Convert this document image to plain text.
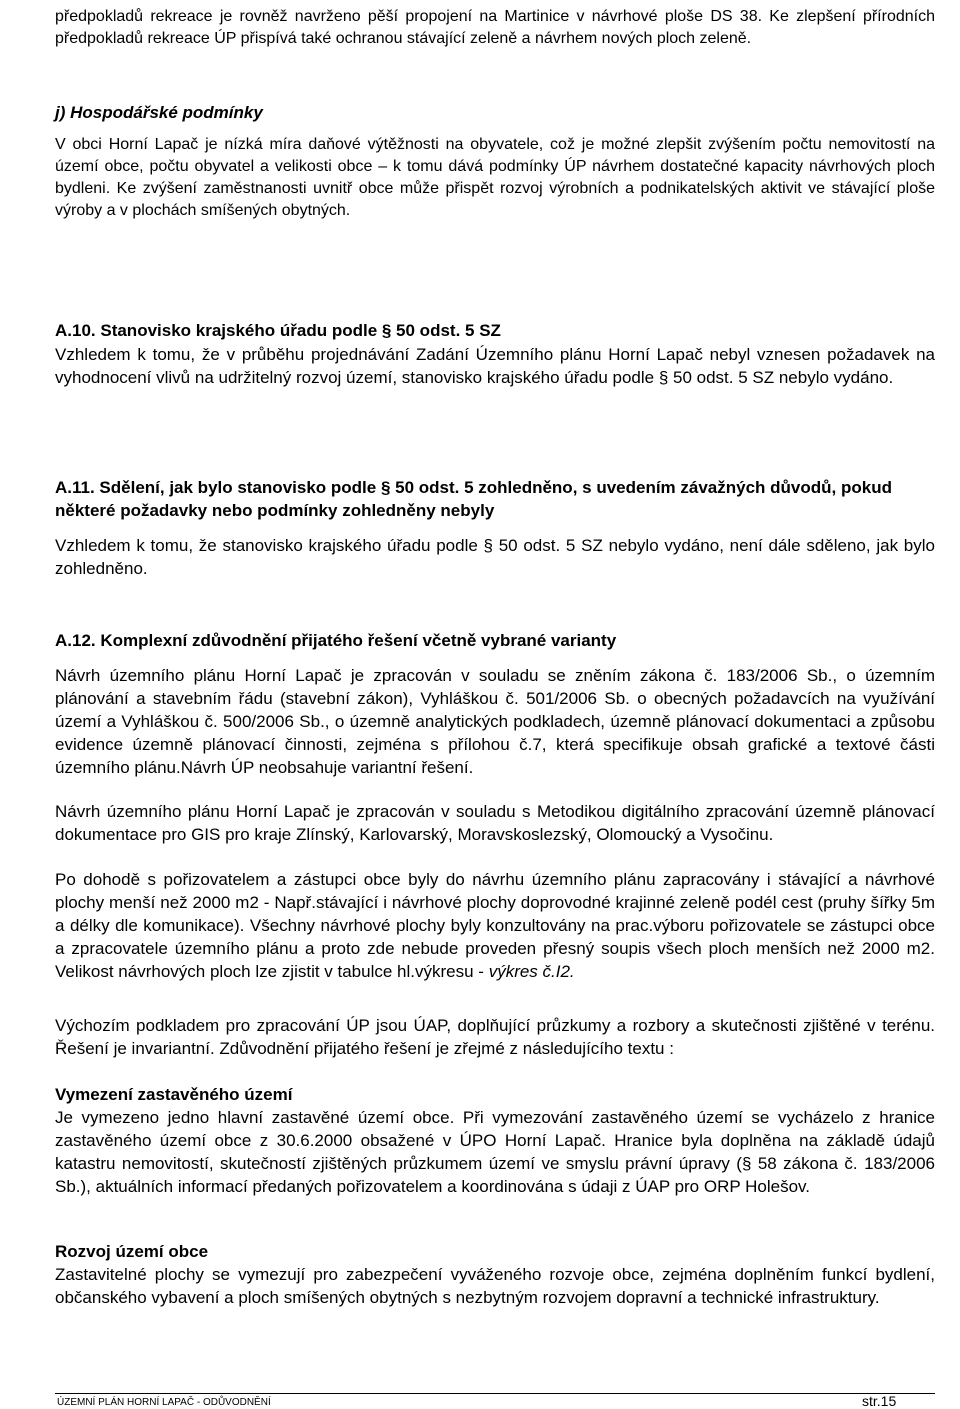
předpokladů rekreace je rovněž navrženo pěší propojení na Martinice v návrhové ploše DS 38. Ke zlepšení přírodních předpokladů rekreace ÚP přispívá také ochranou stávající zeleně a návrhem nových ploch zeleně.

j) Hospodářské podmínky

V obci Horní Lapač je nízká míra daňové výtěžnosti na obyvatele, což je možné zlepšit zvýšením počtu nemovitostí na území obce, počtu obyvatel a velikosti obce – k tomu dává podmínky ÚP návrhem dostatečné kapacity návrhových ploch bydleni. Ke zvýšení zaměstnanosti uvnitř obce může přispět rozvoj výrobních a podnikatelských aktivit ve stávající ploše výroby a v plochách smíšených obytných.

A.10. Stanovisko krajského úřadu podle § 50 odst. 5 SZ

Vzhledem k tomu, že v průběhu projednávání Zadání Územního plánu Horní Lapač nebyl vznesen požadavek na vyhodnocení vlivů na udržitelný rozvoj území, stanovisko krajského úřadu podle § 50 odst. 5 SZ nebylo vydáno.

A.11. Sdělení, jak bylo stanovisko podle § 50 odst. 5 zohledněno, s uvedením závažných důvodů, pokud některé požadavky nebo podmínky zohledněny nebyly

Vzhledem k tomu, že stanovisko krajského úřadu podle § 50 odst. 5 SZ nebylo vydáno, není dále sděleno, jak bylo zohledněno.

A.12. Komplexní zdůvodnění přijatého řešení včetně vybrané varianty

Návrh územního plánu Horní Lapač je zpracován v souladu se zněním zákona č. 183/2006 Sb., o územním plánování a stavebním řádu (stavební zákon), Vyhláškou č. 501/2006 Sb. o obecných požadavcích na využívání území a Vyhláškou č. 500/2006 Sb., o územně analytických podkladech, územně plánovací dokumentaci a způsobu evidence územně plánovací činnosti, zejména s přílohou č.7, která specifikuje obsah grafické a textové části územního plánu.Návrh ÚP neobsahuje variantní řešení.

Návrh územního plánu Horní Lapač je zpracován v souladu s Metodikou digitálního zpracování územně plánovací dokumentace pro GIS pro kraje Zlínský, Karlovarský, Moravskoslezský, Olomoucký a Vysočinu.

Po dohodě s pořizovatelem a zástupci obce byly do návrhu územního plánu zapracovány i stávající a návrhové plochy menší než 2000 m2 - Např.stávající i návrhové plochy doprovodné krajinné zeleně podél cest (pruhy šířky 5m a délky dle komunikace). Všechny návrhové plochy byly konzultovány na prac.výboru pořizovatele se zástupci obce a zpracovatele územního plánu a proto zde nebude proveden přesný soupis všech ploch menších než 2000 m2. Velikost návrhových ploch lze zjistit v tabulce hl.výkresu - výkres č.I2.

Výchozím podkladem pro zpracování ÚP jsou ÚAP, doplňující průzkumy a rozbory a skutečnosti zjištěné v terénu. Řešení je invariantní. Zdůvodnění přijatého řešení je zřejmé z následujícího textu :

Vymezení zastavěného území

Je vymezeno jedno hlavní zastavěné území obce. Při vymezování zastavěného území se vycházelo z hranice zastavěného území obce z 30.6.2000 obsažené v ÚPO Horní Lapač. Hranice byla doplněna na základě údajů katastru nemovitostí, skutečností zjištěných průzkumem území ve smyslu právní úpravy (§ 58 zákona č. 183/2006 Sb.), aktuálních informací předaných pořizovatelem a koordinována s údaji z ÚAP pro ORP Holešov.

Rozvoj území obce

Zastavitelné plochy se vymezují pro zabezpečení vyváženého rozvoje obce, zejména doplněním funkcí bydlení, občanského vybavení a ploch smíšených obytných s nezbytným rozvojem dopravní a technické infrastruktury.

ÚZEMNÍ PLÁN HORNÍ LAPAČ - ODŮVODNĚNÍ	str.15
